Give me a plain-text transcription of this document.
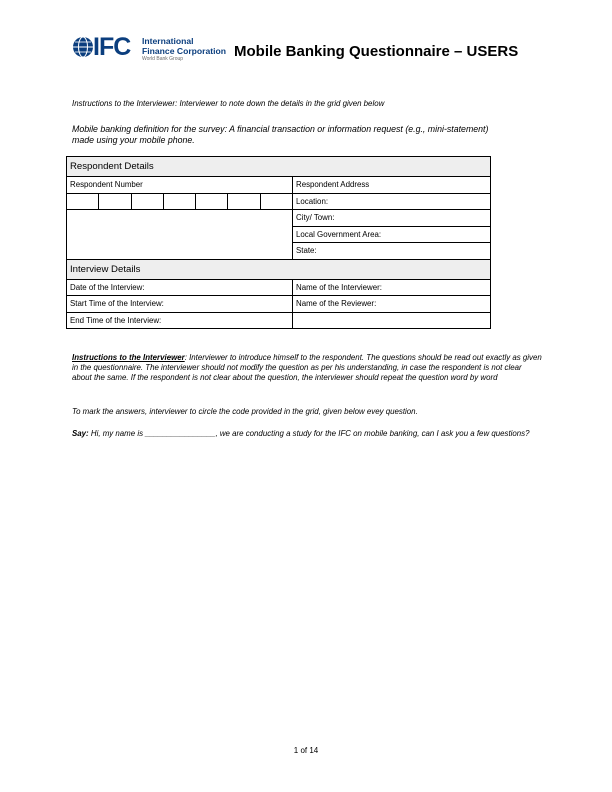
IFC International
Finance Corporation
World Bank Group	Mobile Banking Questionnaire – USERS
Instructions to the Interviewer: Interviewer to note down the details in the grid given below
Mobile banking definition for the survey: A financial transaction or information request (e.g., mini-statement) made using your mobile phone.
Respondent Details	
Respondent Number	Respondent Address

	Location:
	City/ Town:
	Local Government Area:
	State:
Interview Details	
Date of the Interview:	Name of the Interviewer:
Start Time of the Interview:	Name of the Reviewer:
End Time of the Interview:	
Instructions to the Interviewer: Interviewer to introduce himself to the respondent. The questions should be read out exactly as given in the questionnaire. The interviewer should not modify the question as per his understanding, in case the respondent is not clear about the same. If the respondent is not clear about the question, the interviewer should repeat the question word by word
To mark the answers, interviewer to circle the code provided in the grid, given below evey question.
Say: Hi, my name is ________________, we are conducting a study for the IFC on mobile banking, can I ask you a few questions?
1 of 14
